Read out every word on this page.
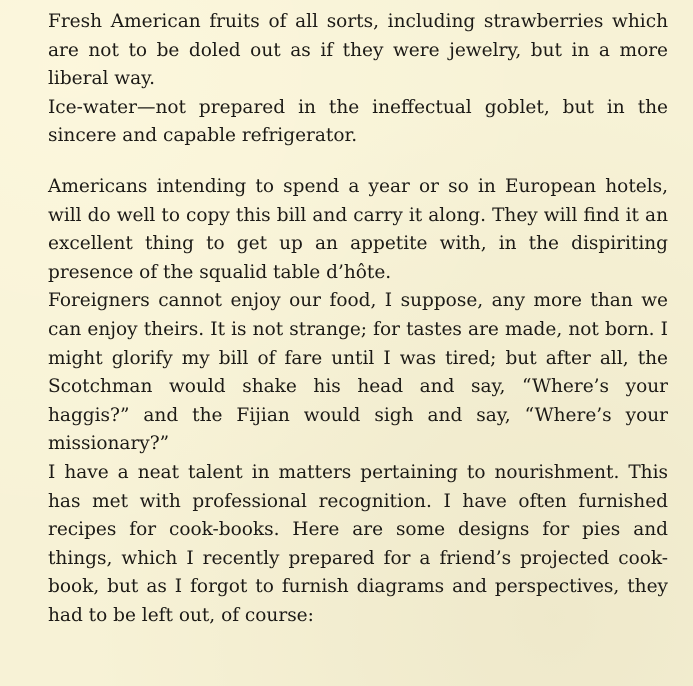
Fresh American fruits of all sorts, including strawberries which are not to be doled out as if they were jewelry, but in a more liberal way.

Ice-water—not prepared in the ineffectual goblet, but in the sincere and capable refrigerator.

Americans intending to spend a year or so in European hotels, will do well to copy this bill and carry it along. They will find it an excellent thing to get up an appetite with, in the dispiriting presence of the squalid table d’hôte.

Foreigners cannot enjoy our food, I suppose, any more than we can enjoy theirs. It is not strange; for tastes are made, not born. I might glorify my bill of fare until I was tired; but after all, the Scotchman would shake his head and say, “Where’s your haggis?” and the Fijian would sigh and say, “Where’s your missionary?”

I have a neat talent in matters pertaining to nourishment. This has met with professional recognition. I have often furnished recipes for cook-books. Here are some designs for pies and things, which I recently prepared for a friend’s projected cook-book, but as I forgot to furnish diagrams and perspectives, they had to be left out, of course:
